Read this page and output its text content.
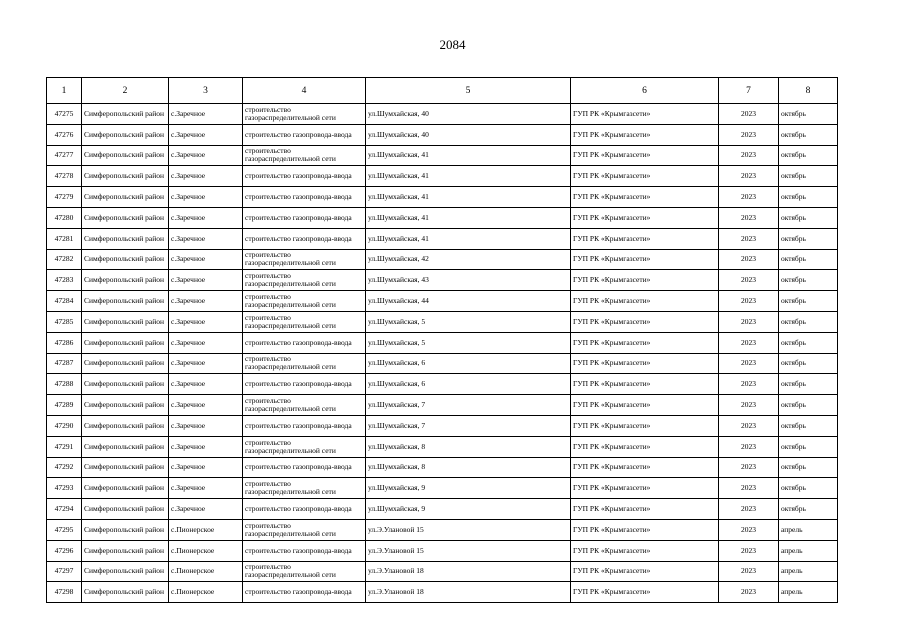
2084
1	2	3	4	5	6	7	8
47275	Симферопольский район	с.Заречное	строительство газораспределительной сети	ул.Шумхайская, 40	ГУП РК «Крымгазсети»	2023	октябрь
47276	Симферопольский район	с.Заречное	строительство газопровода-ввода	ул.Шумхайская, 40	ГУП РК «Крымгазсети»	2023	октябрь
47277	Симферопольский район	с.Заречное	строительство газораспределительной сети	ул.Шумхайская, 41	ГУП РК «Крымгазсети»	2023	октябрь
47278	Симферопольский район	с.Заречное	строительство газопровода-ввода	ул.Шумхайская, 41	ГУП РК «Крымгазсети»	2023	октябрь
47279	Симферопольский район	с.Заречное	строительство газопровода-ввода	ул.Шумхайская, 41	ГУП РК «Крымгазсети»	2023	октябрь
47280	Симферопольский район	с.Заречное	строительство газопровода-ввода	ул.Шумхайская, 41	ГУП РК «Крымгазсети»	2023	октябрь
47281	Симферопольский район	с.Заречное	строительство газопровода-ввода	ул.Шумхайская, 41	ГУП РК «Крымгазсети»	2023	октябрь
47282	Симферопольский район	с.Заречное	строительство газораспределительной сети	ул.Шумхайская, 42	ГУП РК «Крымгазсети»	2023	октябрь
47283	Симферопольский район	с.Заречное	строительство газораспределительной сети	ул.Шумхайская, 43	ГУП РК «Крымгазсети»	2023	октябрь
47284	Симферопольский район	с.Заречное	строительство газораспределительной сети	ул.Шумхайская, 44	ГУП РК «Крымгазсети»	2023	октябрь
47285	Симферопольский район	с.Заречное	строительство газораспределительной сети	ул.Шумхайская, 5	ГУП РК «Крымгазсети»	2023	октябрь
47286	Симферопольский район	с.Заречное	строительство газопровода-ввода	ул.Шумхайская, 5	ГУП РК «Крымгазсети»	2023	октябрь
47287	Симферопольский район	с.Заречное	строительство газораспределительной сети	ул.Шумхайская, 6	ГУП РК «Крымгазсети»	2023	октябрь
47288	Симферопольский район	с.Заречное	строительство газопровода-ввода	ул.Шумхайская, 6	ГУП РК «Крымгазсети»	2023	октябрь
47289	Симферопольский район	с.Заречное	строительство газораспределительной сети	ул.Шумхайская, 7	ГУП РК «Крымгазсети»	2023	октябрь
47290	Симферопольский район	с.Заречное	строительство газопровода-ввода	ул.Шумхайская, 7	ГУП РК «Крымгазсети»	2023	октябрь
47291	Симферопольский район	с.Заречное	строительство газораспределительной сети	ул.Шумхайская, 8	ГУП РК «Крымгазсети»	2023	октябрь
47292	Симферопольский район	с.Заречное	строительство газопровода-ввода	ул.Шумхайская, 8	ГУП РК «Крымгазсети»	2023	октябрь
47293	Симферопольский район	с.Заречное	строительство газораспределительной сети	ул.Шумхайская, 9	ГУП РК «Крымгазсети»	2023	октябрь
47294	Симферопольский район	с.Заречное	строительство газопровода-ввода	ул.Шумхайская, 9	ГУП РК «Крымгазсети»	2023	октябрь
47295	Симферопольский район	с.Пионерское	строительство газораспределительной сети	ул.Э.Улановой 15	ГУП РК «Крымгазсети»	2023	апрель
47296	Симферопольский район	с.Пионерское	строительство газопровода-ввода	ул.Э.Улановой 15	ГУП РК «Крымгазсети»	2023	апрель
47297	Симферопольский район	с.Пионерское	строительство газораспределительной сети	ул.Э.Улановой 18	ГУП РК «Крымгазсети»	2023	апрель
47298	Симферопольский район	с.Пионерское	строительство газопровода-ввода	ул.Э.Улановой 18	ГУП РК «Крымгазсети»	2023	апрель
